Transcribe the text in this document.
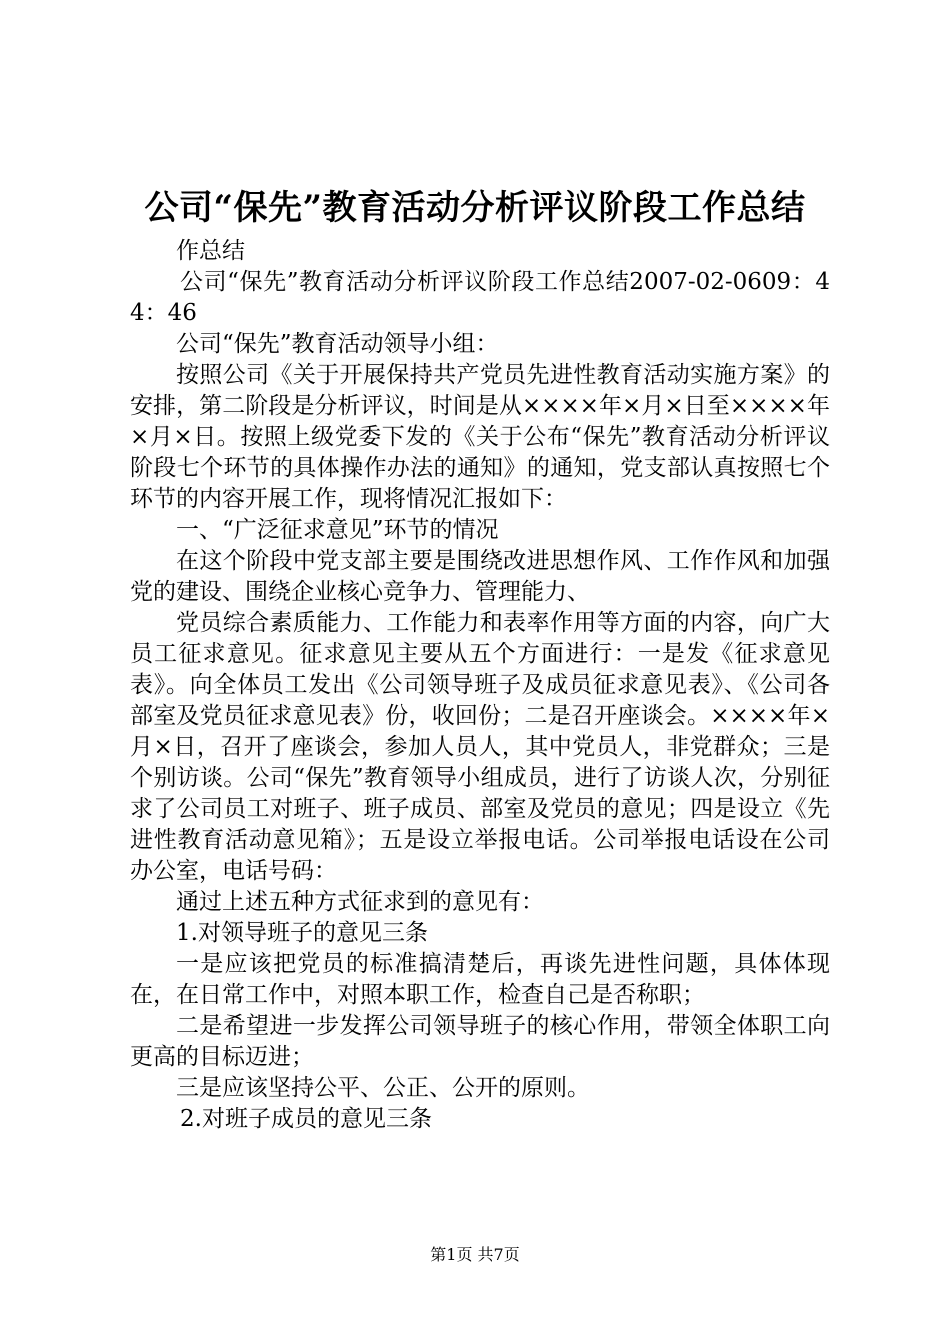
公司“保先”教育活动分析评议阶段工作总结

作总结

公司“保先”教育活动分析评议阶段工作总结2007-02-0609：44：46

公司“保先”教育活动领导小组：

按照公司《关于开展保持共产党员先进性教育活动实施方案》的安排，第二阶段是分析评议，时间是从××××年×月×日至××××年×月×日。按照上级党委下发的《关于公布“保先”教育活动分析评议阶段七个环节的具体操作办法的通知》的通知，党支部认真按照七个环节的内容开展工作，现将情况汇报如下：

一、“广泛征求意见”环节的情况

在这个阶段中党支部主要是围绕改进思想作风、工作作风和加强党的建设、围绕企业核心竞争力、管理能力、

党员综合素质能力、工作能力和表率作用等方面的内容，向广大员工征求意见。征求意见主要从五个方面进行：一是发《征求意见表》。向全体员工发出《公司领导班子及成员征求意见表》、《公司各部室及党员征求意见表》份，收回份；二是召开座谈会。××××年×月×日，召开了座谈会，参加人员人，其中党员人，非党群众；三是个别访谈。公司“保先”教育领导小组成员，进行了访谈人次，分别征求了公司员工对班子、班子成员、部室及党员的意见；四是设立《先进性教育活动意见箱》；五是设立举报电话。公司举报电话设在公司办公室，电话号码：

通过上述五种方式征求到的意见有：

1.对领导班子的意见三条

一是应该把党员的标准搞清楚后，再谈先进性问题，具体体现在，在日常工作中，对照本职工作，检查自己是否称职；

二是希望进一步发挥公司领导班子的核心作用，带领全体职工向更高的目标迈进；

三是应该坚持公平、公正、公开的原则。

2.对班子成员的意见三条

第1页 共7页
